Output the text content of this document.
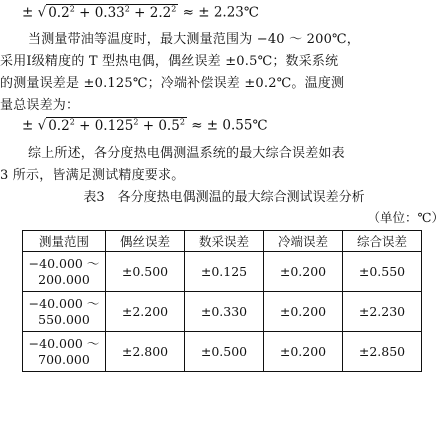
± √ $0.2^2 + 0.33^2 + 2.2^2$ ≈ ± 2.23℃
当测量带油等温度时，最大测量范围为 −40 ～ 200℃，
采用Ⅰ级精度的 T 型热电偶，偶丝误差 ±0.5℃；数采系统
的测量误差是 ±0.125℃；冷端补偿误差 ±0.2℃。温度测
量总误差为：
± √ $0.2^2 + 0.125^2 + 0.5^2$ ≈ ± 0.55℃
综上所述，各分度热电偶测温系统的最大综合误差如表
3 所示，皆满足测试精度要求。
表3　各分度热电偶测温的最大综合测试误差分析
（单位：℃）
测量范围	偶丝误差	数采误差	冷端误差	综合误差

−40.000 ～
200.000	±0.500	±0.125	±0.200	±0.550

−40.000 ～
550.000	±2.200	±0.330	±0.200	±2.230

−40.000 ～
700.000	±2.800	±0.500	±0.200	±2.850
